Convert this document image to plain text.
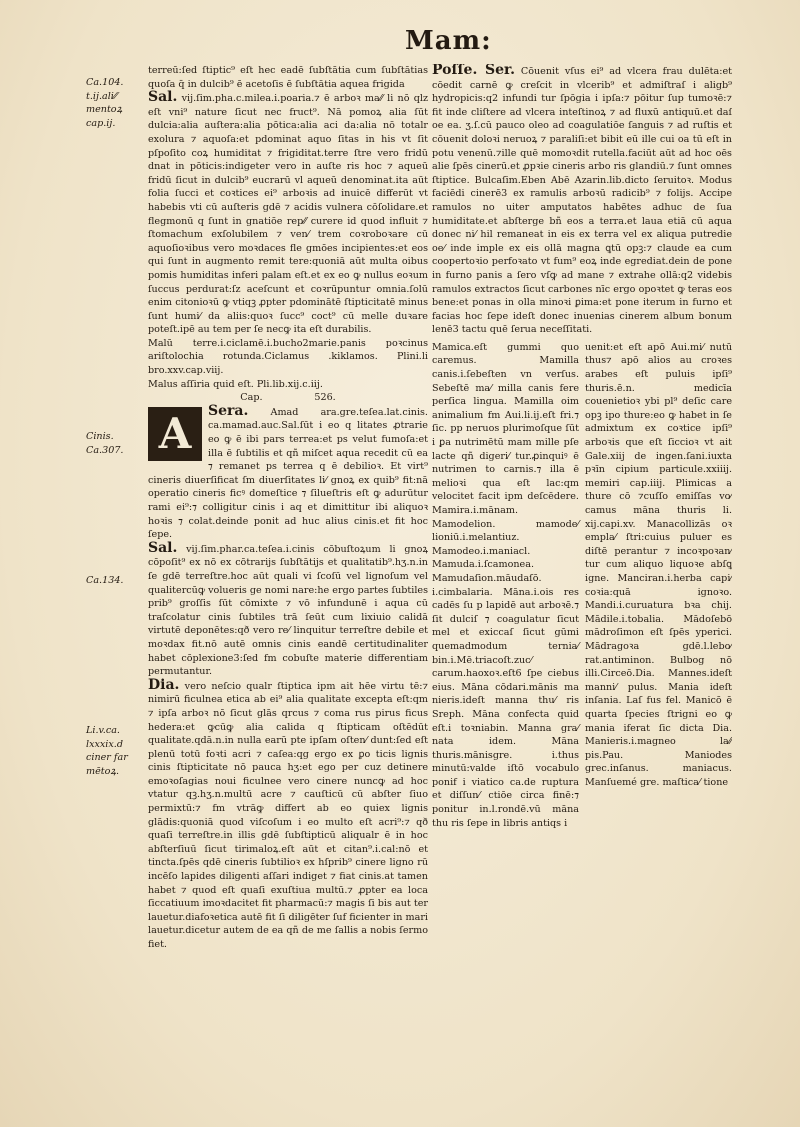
Mam:
Ca.104.
t.ij.ali⁄⁄
mentoꝝ
cap.ij.
Cinis.
Ca.307.
Ca.134.
Li.v.ca.
lxxxix.d
ciner far
mētoꝝ.

terreū:ſed ſtiptic⁹ eſt hec eadē ſubſtātia cum ſubſtātias quoſa q̄ in dulcib⁹ ē acetoſis ē ſubſtātia aquea frigida

Sal. vij.ſim.pha.c.milea.i.poaria.⁊ ē arboꝛ ma⁄⁄ li nō qlz eſt vni⁹ nature ſicut nec fruct⁹. Nā pomoꝝ alia ſūt dulcia:alia auſtera:alia pōtica:alia aci da:alia nō totalr exolura ⁊ aquoſa:et pdominat aquo ſitas in his vt ſit pſpoſito coꝝ humiditat ⁊ frigiditat.terre ſtre vero fridū dnat in pōticis:indigeter vero in auſte ris hoc ⁊ aqueū fridū ſicut in dulcib⁹ eucrarū vl aqueū denominat.ita aūt folia ſucci et coꝛtices ei⁹ arboꝛis ad inuicē differūt vt habebis vti cū auſteris gdē ⁊ acidis vulnera cōſolidare.et flegmonū q ſunt in gnatiōe rep⁄⁄ curere id quod influit ⁊ ſtomachum exſolubilem ⁊ ven⁄ trem coꝛroboꝛare cū aquoſioꝛibus vero moꝛdaces fle gmōes incipientes:et eos qui ſunt in augmento remit tere:quoniā aūt multa oibus pomis humiditas inferi palam eſt.et ex eo ꝙ nullus eoꝛum ſuccus perdurat:ſz aceſcunt et coꝛrūpuntur omnia.ſolū enim citonioꝛū ꝙ vtiqꝫ ꝓpter pdominātē ſtipticitatē minus ſunt humi⁄ da aliis:quoꝛ ſucc⁹ coct⁹ cū melle duꝛare poteſt.ipē au tem per ſe necꝙ ita eſt durabilis.

Malū terre.i.ciclamē.i.bucho2marie.panis poꝛcinus ariſtolochia rotunda.Ciclamus .kiklamos. Plini.li bro.xxv.cap.viij.

Malus aſſiria quid eſt. Pli.lib.xij.c.iij.

Cap.                 526.

A	Sera. Amad ara.gre.teſea.lat.cinis. ca.mamad.auc.Sal.ſūt i eo q litates ꝓtrarie eo ꝙ ē ibi pars terrea:et ps velut fumoſa:et illa ē ſubtilis et qñ miſcet aqua recedit cū ea ⁊ remanet ps terrea q ē debilioꝛ. Et virt⁹ cineris diuerſificat ſm diuerſitates li⁄ gnoꝝ ex quib⁹ fit:nā operatio cineris ficꝰ domeſtice ⁊ ſilueſtris eſt ꝙ adurūtur rami ei⁹:⁊ colligitur cinis i aq et dimittitur ibi aliquoꝛ hoꝛis ⁊ colat.deinde ponit ad huc alius cinis.et fit hoc ſepe.

Sal. vij.ſim.phar.ca.teſea.i.cinis cōbuſtoꝝum li gnoꝝ cōpoſit⁹ ex nō ex cōtrarijs ſubſtātijs et qualitatib⁹.hʒ.n.in ſe gdē terreſtre.hoc aūt quali vi ſcoſū vel lignoſum vel qualitercūꝙ volueris ge nomi nare:he ergo partes ſubtiles prib⁹ groſſis ſūt cōmixte ⁊ vō infundunē i aqua cū traſcolatur cinis ſubtiles trā ſeūt cum lixiuio calidā virtutē deponētes:qð vero re⁄ linquitur terreſtre debile et moꝛdax fit.nō autē omnis cinis eandē certitudinaliter habet cōplexione3:ſed fm cobuſte materie differentiam permutantur.

Dia. vero neſcio qualr ſtiptica ipm ait hēe virtu tē:⁊ nimirū ficulnea etica ab ei⁹ alia qualitate excepta eſt:qm ⁊ ipſa arboꝛ nō ſicut glās qrcus ⁊ coma rus pirus ficus hedera:et ꝙcūꝙ alia calida q ſtipticam oſtēdūt qualitate.qdā.n.in nulla earū pte ipſam oſten⁄ dunt:ſed eſt plenū totū foꝛti acri ⁊ caſea:qg ergo ex ꝑo ticis lignis cinis ſtipticitate nō pauca hʒ:et ego per cuz detinere emoꝛoſagias noui ficulnee vero cinere nuncꝙ ad hoc vtatur qꝫ.hʒ.n.multū acre ⁊ cauſticū cū abſter ſiuo permixtū:⁊ fm vtrāꝙ differt ab eo quiex lignis glādis:quoniā quod viſcoſum i eo multo eſt acri⁹:⁊ qð quaſi terreſtre.in illis gdē ſubſtipticū aliqualr ē in hoc abſterſiuū ſicut tirimaloꝝ.eſt aūt et citan⁹.i.cal:nō et tincta.ſpēs qdē cineris ſubtilioꝛ ex hſprib⁹ cinere ligno rū incēſo lapides diligenti aſſari indiget ⁊ fiat cinis.at tamen habet ⁊ quod eſt quaſi exuſtiua multū.⁊ ꝓpter ea loca ſiccatiuum imoꝛdacitet fit pharmacū:⁊ magis ſi bis aut ter lauetur.diafoꝛetica autē fit ſi diligēter ſuf ficienter in mari lauetur.dicetur autem de ea qñ de me ſallis a nobis ſermo fiet.

Poſſe. Ser. Cōuenit vſus ei⁹ ad vlcera frau dulēta:et cōedit carnē ꝙ creſcit in vlcerib⁹ et admiſtraſ i aligb⁹ hydropicis:q2 infundi tur ſpōgia i ipſa:⁊ pōitur ſup tumoꝛē:⁊ fit inde cliſtere ad vlcera inteſtinoꝝ ⁊ ad fluxū antiquū.et daſ oe ea. ʒ.ſ.cū pauco oleo ad coagulatiōe ſanguis ⁊ ad ruſtis et cōuenit doloꝛi neruoꝝ ⁊ paraliſi:et bibit eū ille cui oa tū eſt in potu venenū.⁊ille quē momoꝛdit rutella.faciūt aūt ad hoc oēs alie ſpēs cinerū.et ꝓpꝛie cineris arbo ris glandiū.⁊ ſunt omnes ſtiptice. Bulcaſim.Eben Abē Azarin.lib.dicto ſeruitoꝛ. Modus faciēdi cinerē3 ex ramulis arboꝛū radicib⁹ ⁊ folijs. Accipe ramulos no uiter amputatos habētes adhuc de ſua humiditate.et abſterge bñ eos a terra.et laua etiā cū aqua donec ni⁄ hil remaneat in eis ex terra vel ex aliqua putredie oe⁄ inde imple ex eis ollā magna ꝗtū opꝫ:⁊ claude ea cum coopertoꝛio perfoꝛato vt fum⁹ eoꝝ inde egrediat.dein de pone in furno panis a ſero vſꝙ ad mane ⁊ extrahe ollā:q2 videbis ramulos extractos ſicut carbones nīc ergo opoꝛtet ꝙ teras eos bene:et ponas in olla minoꝛi ꝑima:et pone iterum in furno et facias hoc ſepe ideſt donec inuenias cinerem album bonum lenē3 tactu quē ſerua neceſſitati.

Mamica.eſt gummi quo caremus. Mamilla canis.i.ſebeſten vn verſus. Sebeſtē ma⁄ milla canis fere perſica lingua. Mamilla oim animalium fm Aui.li.ij.eſt fri.⁊ ſic. pp neruos plurimoſque ſūt i ꝑa nutrimētū mam mille pſe lacte qñ digeri⁄ tur.ꝓinquiꝰ ē nutrimen to carnis.⁊ illa ē melioꝛi qua eſt lac:qm velocitet facit ipm deſcēdere. Mamira.i.mānam. Mamodelion. mamode⁄ lioniū.i.melantiuz. Mamodeo.i.maniacl. Mamuda.i.ſcamonea. Mamudaſion.māudaſō. i.cimbalaria. Māna.i.ois res cadēs ſu p lapidē aut arboꝛē.⁊ ſit dulciſ ⁊ coagulatur ſicut mel et exiccaſ ſicut gūmi quemadmodum ternia⁄ bin.i.Mē.triacoſt.zuc⁄ carum.haoxoꝛ.eſt6 ſpe ciebus eius. Māna cōdari.mānis ma nieris.ideſt manna thu⁄ ris Sreph. Māna confecta quid eſt.i toꝛniabin. Manna gra⁄ nata idem. Māna thuris.mānisgre. i.thus minutū:valde iſtō vocabulo ponif i viatico ca.de ruptura et diſſun⁄ ctiōe circa finē:⁊ ponitur in.l.rondē.vū māna thu ris ſepe in libris antiqs i

uenit:et eſt apō Aui.mi⁄ nutū thus⁊ apō alios au croꝛes arabes eſt puluis ipſi⁹ thuris.ē.n. medicīa couenietioꝛ ybi pl⁹ deſic care opꝫ ipo thure:eo ꝙ habet in ſe admixtum ex coꝛtice ipſi⁹ arboꝛis que eſt ſiccioꝛ vt ait Gale.xiij de ingen.ſani.iuxta pꝛīn cipium particule.xxiiij. memiri cap.iiij. Plimicas a thure cō ⁊cuſſo emiſſas vo⁄ camus māna thuris li. xij.capi.xv. Manacollizās oꝛ empla⁄ ſtri:cuius puluer es diſtē perantur ⁊ incoꝛpoꝛan⁄ tur cum aliquo liquoꝛe abſꝗ igne. Manciran.i.herba capi⁄ coꝛia:quā ignoꝛo. Mandi.i.curuatura bꝛa chij. Mādile.i.tobalia. Mādoſebō mādroſimon eſt ſpēs yperici. Mādragoꝛa gdē.l.lebo⁄ rat.antiminon. Bulbog nō illi.Circeō.Dia. Mannes.ideſt manni⁄ pulus. Mania ideſt inſania. Laſ fus fel. Manicō ē quarta ſpecies ſtrigni eo ꝙ mania iferat ſic dicta Dia. Manieris.i.magneo la⁄⁄ pis.Pau. Maniodes grec.inſanus. maniacus. Manſuemé gre. maſtica⁄ tione
